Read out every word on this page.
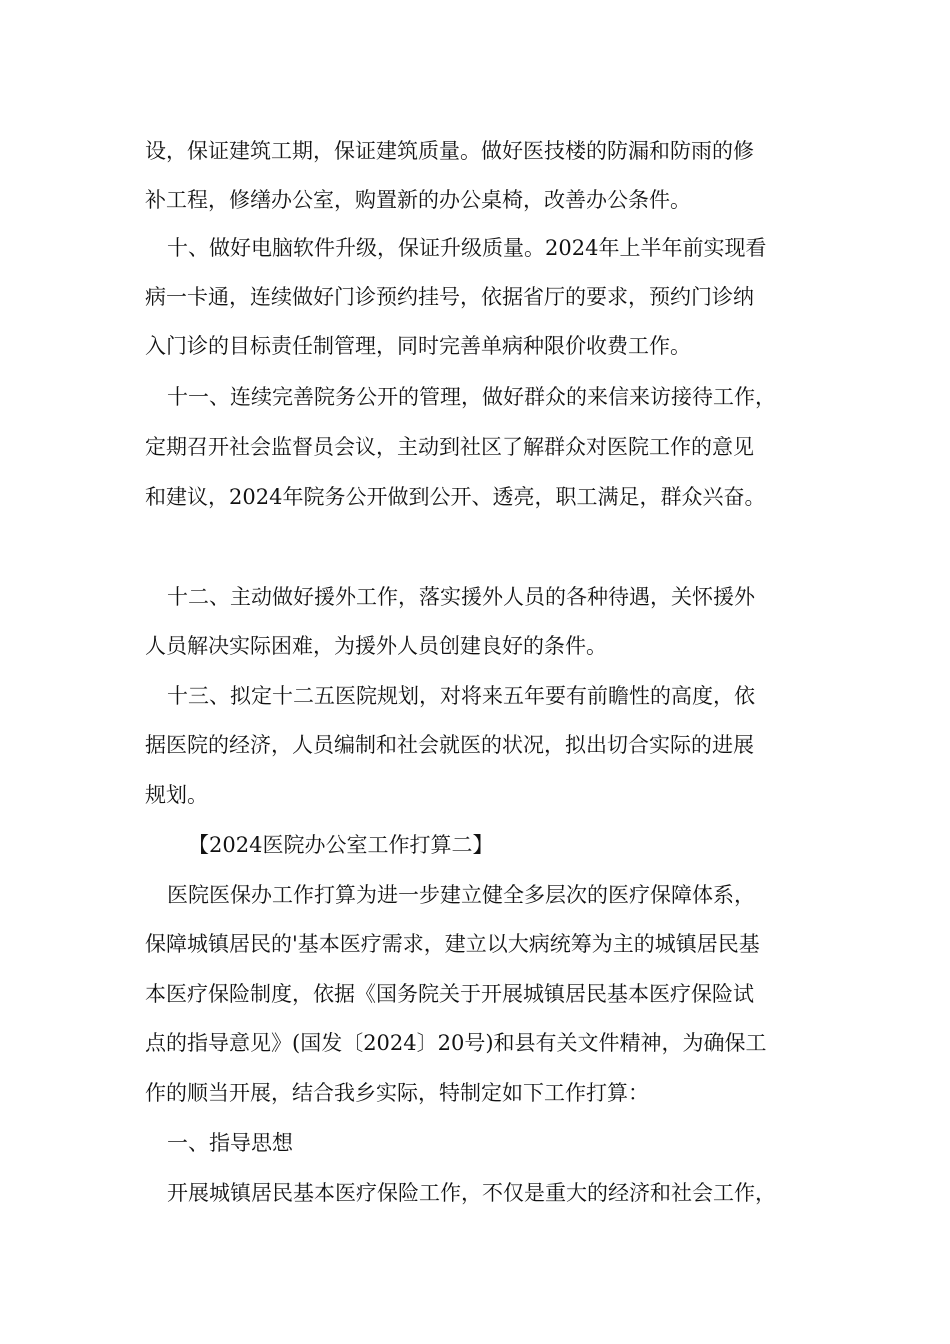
设，保证建筑工期，保证建筑质量。做好医技楼的防漏和防雨的修
补工程，修缮办公室，购置新的办公桌椅，改善办公条件。
十、做好电脑软件升级，保证升级质量。2024年上半年前实现看
病一卡通，连续做好门诊预约挂号，依据省厅的要求，预约门诊纳
入门诊的目标责任制管理，同时完善单病种限价收费工作。
十一、连续完善院务公开的管理，做好群众的来信来访接待工作，
定期召开社会监督员会议，主动到社区了解群众对医院工作的意见
和建议，2024年院务公开做到公开、透亮，职工满足，群众兴奋。
十二、主动做好援外工作，落实援外人员的各种待遇，关怀援外
人员解决实际困难，为援外人员创建良好的条件。
十三、拟定十二五医院规划，对将来五年要有前瞻性的高度，依
据医院的经济，人员编制和社会就医的状况，拟出切合实际的进展
规划。
【2024医院办公室工作打算二】
医院医保办工作打算为进一步建立健全多层次的医疗保障体系，
保障城镇居民的'基本医疗需求，建立以大病统筹为主的城镇居民基
本医疗保险制度，依据《国务院关于开展城镇居民基本医疗保险试
点的指导意见》(国发〔2024〕20号)和县有关文件精神，为确保工
作的顺当开展，结合我乡实际，特制定如下工作打算：
一、指导思想
开展城镇居民基本医疗保险工作，不仅是重大的经济和社会工作，
